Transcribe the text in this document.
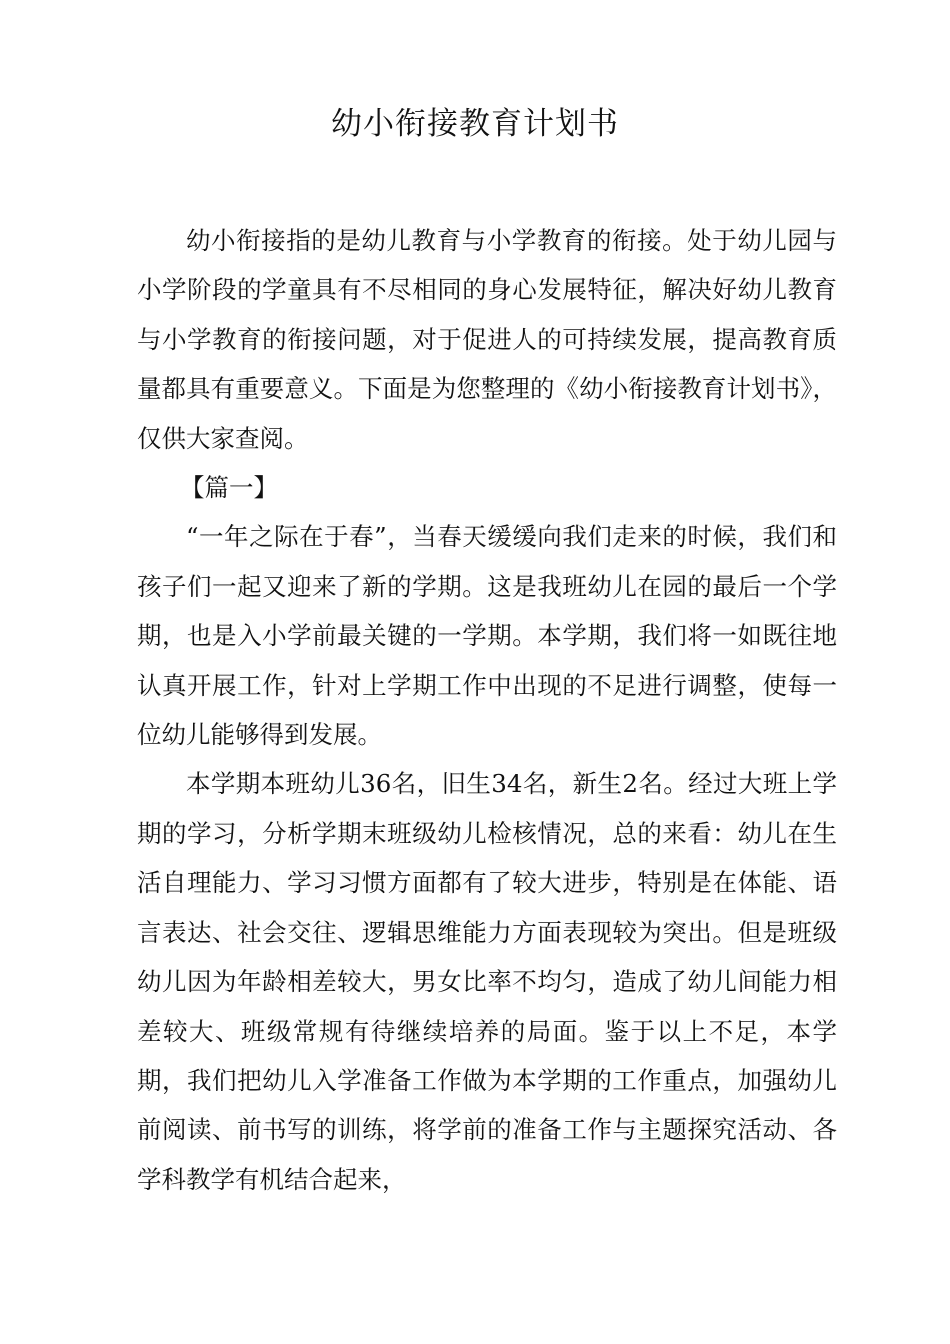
幼小衔接教育计划书

幼小衔接指的是幼儿教育与小学教育的衔接。处于幼儿园与小学阶段的学童具有不尽相同的身心发展特征，解决好幼儿教育与小学教育的衔接问题，对于促进人的可持续发展，提高教育质量都具有重要意义。下面是为您整理的《幼小衔接教育计划书》，仅供大家查阅。

【篇一】

“一年之际在于春”，当春天缓缓向我们走来的时候，我们和孩子们一起又迎来了新的学期。这是我班幼儿在园的最后一个学期，也是入小学前最关键的一学期。本学期，我们将一如既往地认真开展工作，针对上学期工作中出现的不足进行调整，使每一位幼儿能够得到发展。

本学期本班幼儿36名，旧生34名，新生2名。经过大班上学期的学习，分析学期末班级幼儿检核情况，总的来看：幼儿在生活自理能力、学习习惯方面都有了较大进步，特别是在体能、语言表达、社会交往、逻辑思维能力方面表现较为突出。但是班级幼儿因为年龄相差较大，男女比率不均匀，造成了幼儿间能力相差较大、班级常规有待继续培养的局面。鉴于以上不足，本学期，我们把幼儿入学准备工作做为本学期的工作重点，加强幼儿前阅读、前书写的训练，将学前的准备工作与主题探究活动、各学科教学有机结合起来，
